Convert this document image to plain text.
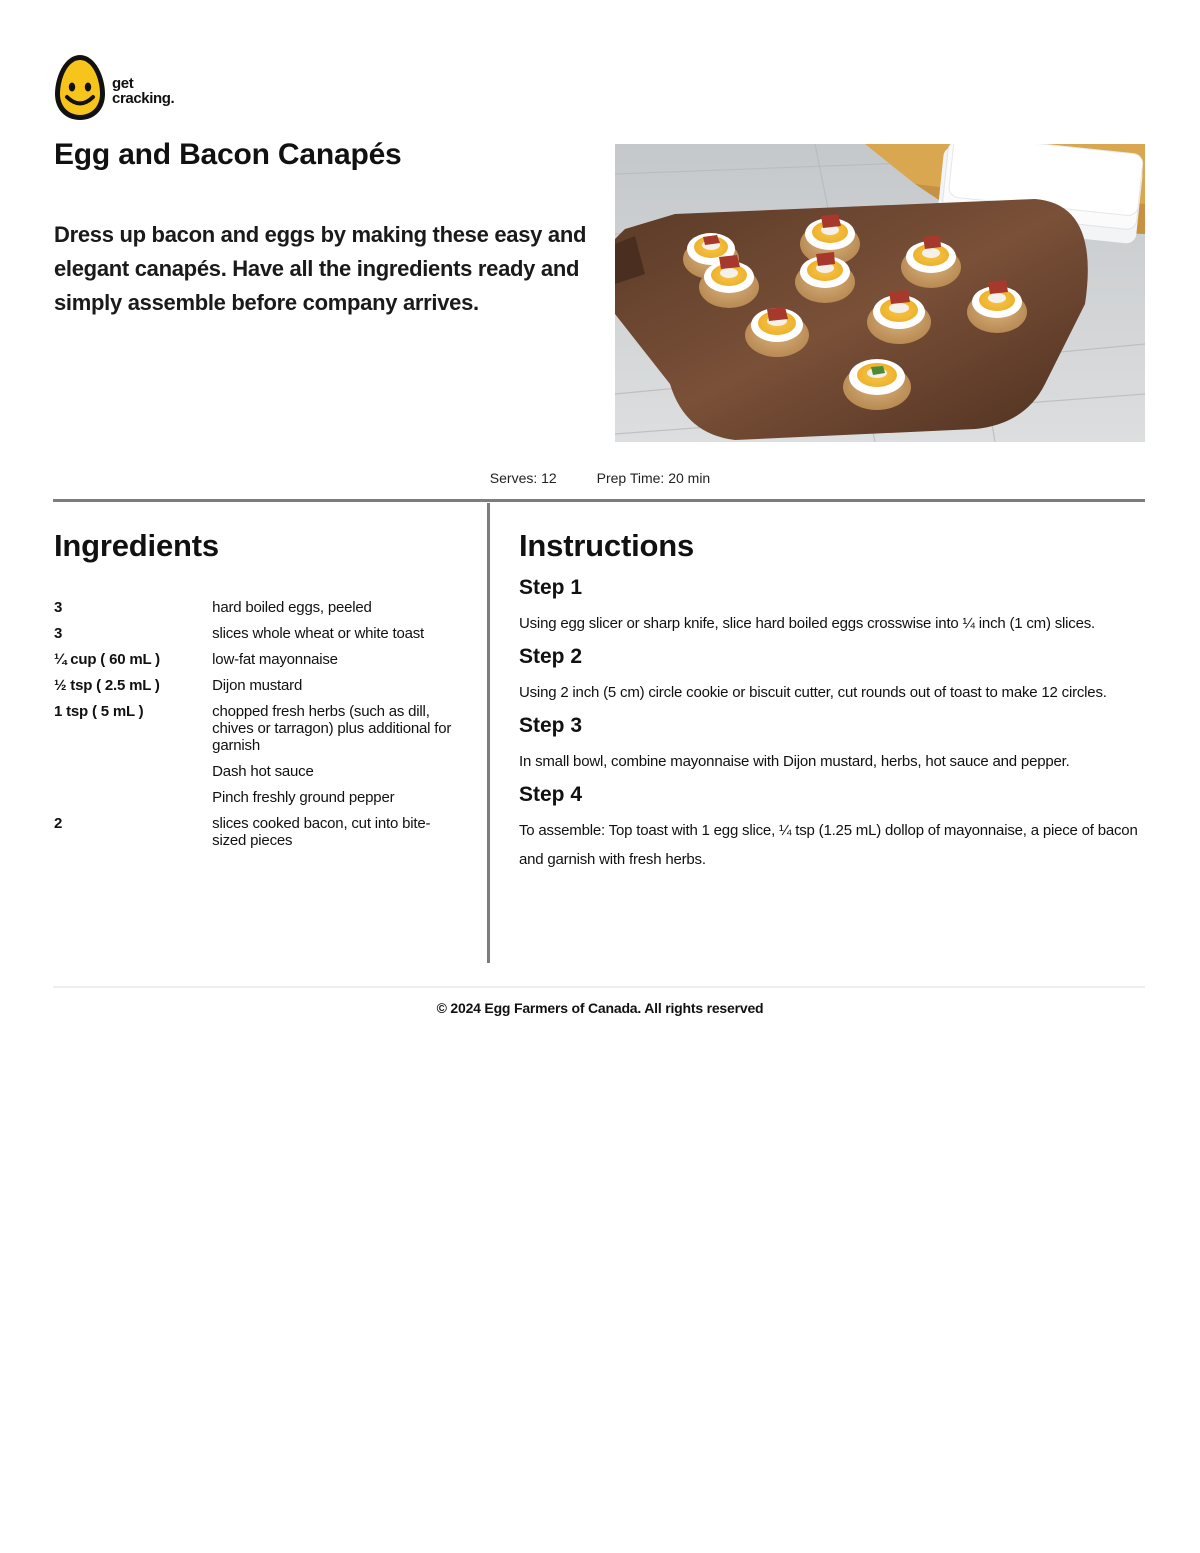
get
cracking.
Egg and Bacon Canapés

Dress up bacon and eggs by making these easy and elegant canapés. Have all the ingredients ready and simply assemble before company arrives.

Serves: 12	Prep Time: 20 min
Ingredients
3	hard boiled eggs, peeled
3	slices whole wheat or white toast
¼ cup ( 60 mL )	low-fat mayonnaise
½ tsp ( 2.5 mL )	Dijon mustard
1 tsp ( 5 mL )	chopped fresh herbs (such as dill, chives or tarragon) plus additional for garnish
	Dash hot sauce
	Pinch freshly ground pepper
2	slices cooked bacon, cut into bite-sized pieces
Instructions
Step 1
Using egg slicer or sharp knife, slice hard boiled eggs crosswise into ¼ inch (1 cm) slices.
Step 2
Using 2 inch (5 cm) circle cookie or biscuit cutter, cut rounds out of toast to make 12 circles.
Step 3
In small bowl, combine mayonnaise with Dijon mustard, herbs, hot sauce and pepper.
Step 4
To assemble: Top toast with 1 egg slice, ¼ tsp (1.25 mL) dollop of mayonnaise, a piece of bacon and garnish with fresh herbs.
© 2024 Egg Farmers of Canada. All rights reserved
